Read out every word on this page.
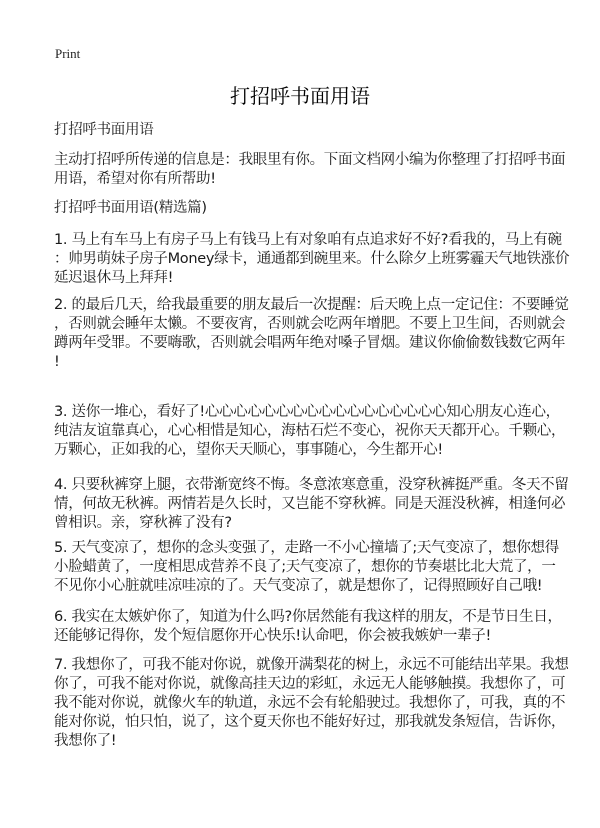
Print
打招呼书面用语
打招呼书面用语
主动打招呼所传递的信息是：我眼里有你。下面文档网小编为你整理了打招呼书面
用语，希望对你有所帮助!
打招呼书面用语(精选篇)
1. 马上有车马上有房子马上有钱马上有对象咱有点追求好不好?看我的，马上有碗
：帅男萌妹子房子Money绿卡，通通都到碗里来。什么除夕上班雾霾天气地铁涨价
延迟退休马上拜拜!
2. 的最后几天，给我最重要的朋友最后一次提醒：后天晚上点一定记住：不要睡觉
，否则就会睡年太懒。不要夜宵，否则就会吃两年增肥。不要上卫生间，否则就会
蹲两年受罪。不要嗨歌，否则就会唱两年绝对嗓子冒烟。建议你偷偷数钱数它两年
!
3. 送你一堆心，看好了!心心心心心心心心心心心心心心心心心知心朋友心连心，
纯洁友谊靠真心，心心相惜是知心，海枯石烂不变心，祝你天天都开心。千颗心，
万颗心，正如我的心，望你天天顺心，事事随心，今生都开心!
4. 只要秋裤穿上腿，衣带渐宽终不悔。冬意浓寒意重，没穿秋裤挺严重。冬天不留
情，何故无秋裤。两情若是久长时，又岂能不穿秋裤。同是天涯没秋裤，相逢何必
曾相识。亲，穿秋裤了没有?
5. 天气变凉了，想你的念头变强了，走路一不小心撞墙了;天气变凉了，想你想得
小脸蜡黄了，一度相思成营养不良了;天气变凉了，想你的节奏堪比北大荒了，一
不见你小心脏就哇凉哇凉的了。天气变凉了，就是想你了，记得照顾好自己哦!
6. 我实在太嫉妒你了，知道为什么吗?你居然能有我这样的朋友，不是节日生日，
还能够记得你，发个短信愿你开心快乐!认命吧，你会被我嫉妒一辈子!
7. 我想你了，可我不能对你说，就像开满梨花的树上，永远不可能结出苹果。我想
你了，可我不能对你说，就像高挂天边的彩虹，永远无人能够触摸。我想你了，可
我不能对你说，就像火车的轨道，永远不会有轮船驶过。我想你了，可我，真的不
能对你说，怕只怕，说了，这个夏天你也不能好好过，那我就发条短信，告诉你，
我想你了!
